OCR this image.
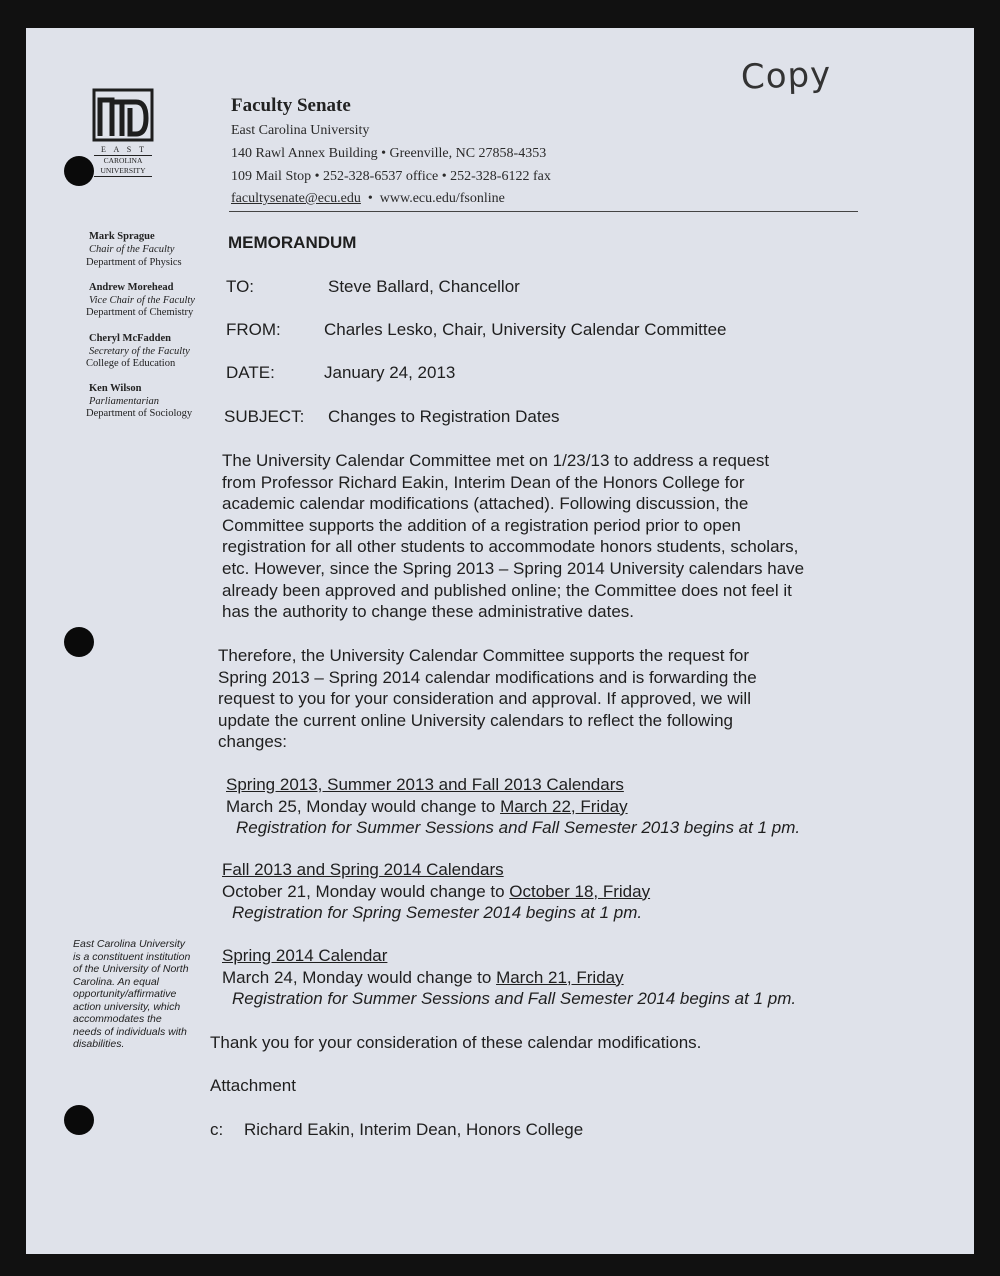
Copy
E A S T
CAROLINA
UNIVERSITY
Faculty Senate
East Carolina University
140 Rawl Annex Building • Greenville, NC 27858-4353
109 Mail Stop • 252-328-6537 office • 252-328-6122 fax
facultysenate@ecu.edu  •  www.ecu.edu/fsonline
Mark Sprague
Chair of the Faculty
Department of Physics
Andrew Morehead
Vice Chair of the Faculty
Department of Chemistry
Cheryl McFadden
Secretary of the Faculty
College of Education
Ken Wilson
Parliamentarian
Department of Sociology
East Carolina University
is a constituent institution
of the University of North
Carolina. An equal
opportunity/affirmative
action university, which
accommodates the
needs of individuals with
disabilities.
MEMORANDUM
TO:	Steve Ballard, Chancellor
FROM:	Charles Lesko, Chair, University Calendar Committee
DATE:	January 24, 2013
SUBJECT: Changes to Registration Dates
The University Calendar Committee met on 1/23/13 to address a request
from Professor Richard Eakin, Interim Dean of the Honors College for
academic calendar modifications (attached). Following discussion, the
Committee supports the addition of a registration period prior to open
registration for all other students to accommodate honors students, scholars,
etc. However, since the Spring 2013 – Spring 2014 University calendars have
already been approved and published online; the Committee does not feel it
has the authority to change these administrative dates.
Therefore, the University Calendar Committee supports the request for
Spring 2013 – Spring 2014 calendar modifications and is forwarding the
request to you for your consideration and approval. If approved, we will
update the current online University calendars to reflect the following
changes:
Spring 2013, Summer 2013 and Fall 2013 Calendars
March 25, Monday would change to March 22, Friday
Registration for Summer Sessions and Fall Semester 2013 begins at 1 pm.
Fall 2013 and Spring 2014 Calendars
October 21, Monday would change to October 18, Friday
Registration for Spring Semester 2014 begins at 1 pm.
Spring 2014 Calendar
March 24, Monday would change to March 21, Friday
Registration for Summer Sessions and Fall Semester 2014 begins at 1 pm.
Thank you for your consideration of these calendar modifications.
Attachment
c: Richard Eakin, Interim Dean, Honors College
